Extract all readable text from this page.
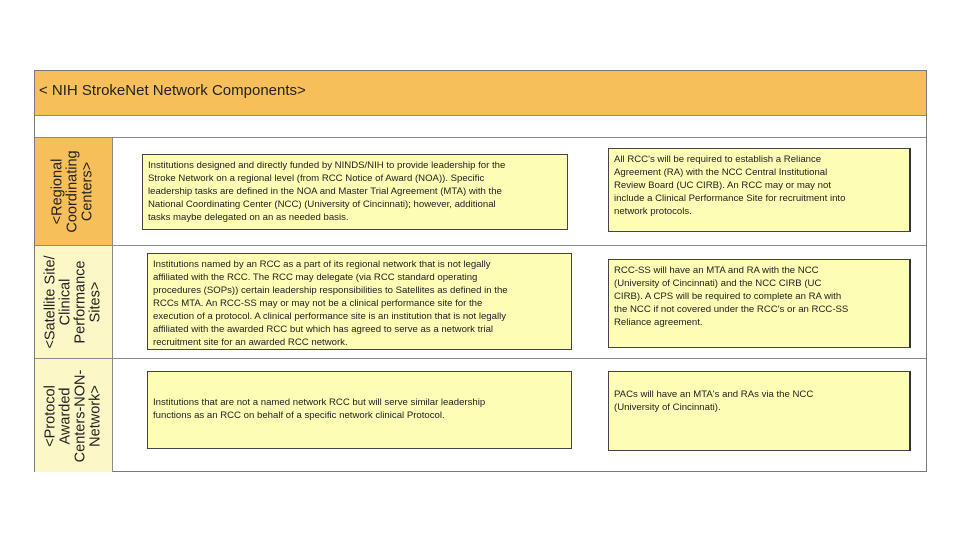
< NIH StrokeNet Network Components>
<Regional Coordinating Centers>	Institutions designed and directly funded by NINDS/NIH to provide leadership for the
Stroke Network on a regional level (from RCC Notice of Award (NOA)). Specific
leadership tasks are defined in the NOA and Master Trial Agreement (MTA) with the
National Coordinating Center (NCC) (University of Cincinnati); however, additional
tasks maybe delegated on an as needed basis.
All RCC's will be required to establish a Reliance
Agreement (RA) with the NCC Central Institutional
Review Board (UC CIRB). An RCC may or may not
include a Clinical Performance Site for recruitment into
network protocols.
<Satellite Site/ Clinical Performance Sites>
Institutions named by an RCC as a part of its regional network that is not legally
affiliated with the RCC. The RCC may delegate (via RCC standard operating
procedures (SOPs)) certain leadership responsibilities to Satellites as defined in the
RCCs MTA. An RCC-SS may or may not be a clinical performance site for the
execution of a protocol. A clinical performance site is an institution that is not legally
affiliated with the awarded RCC but which has agreed to serve as a network trial
recruitment site for an awarded RCC network.
RCC-SS will have an MTA and RA with the NCC
(University of Cincinnati) and the NCC CIRB (UC
CIRB). A CPS will be required to complete an RA with
the NCC if not covered under the RCC's or an RCC-SS
Reliance agreement.
<Protocol Awarded Centers-NON- Network>	Institutions that are not a named network RCC but will serve similar leadership
functions as an RCC on behalf of a specific network clinical Protocol.
PACs will have an MTA's and RAs via the NCC
(University of Cincinnati).
